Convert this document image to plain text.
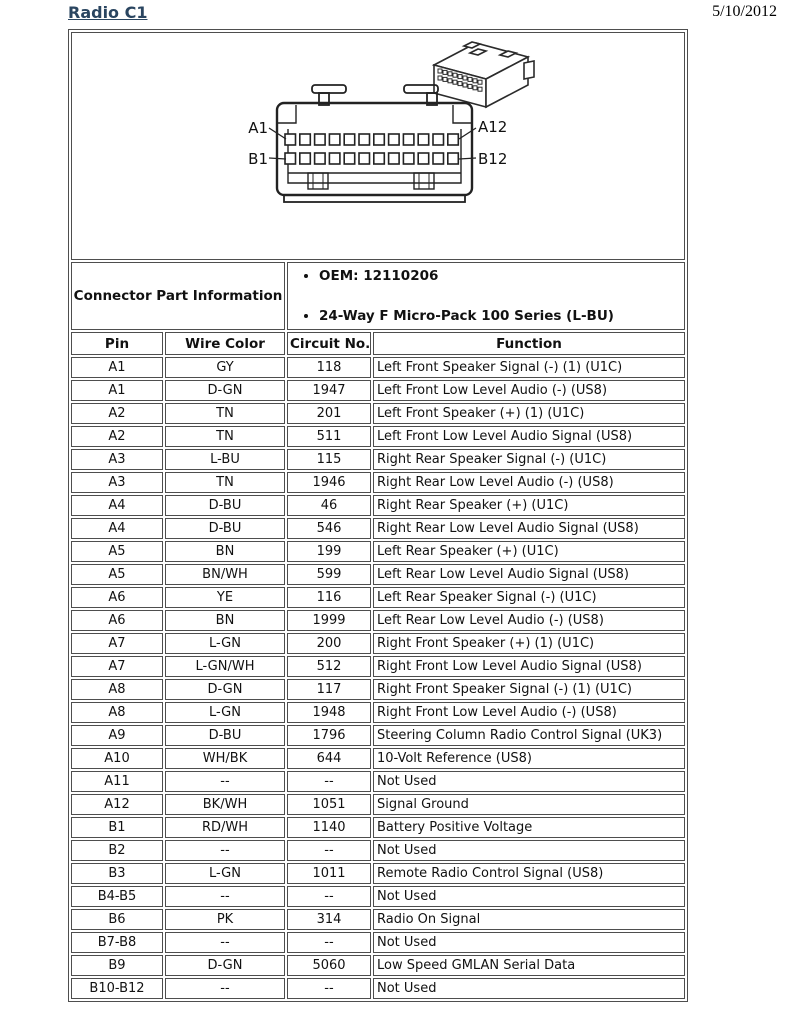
Radio C1	5/10/2012
A1
B1
A12
B12			

Connector Part Information	
• OEM: 12110206
• 24-Way F Micro-Pack 100 Series (L-BU)

Pin	Wire Color	Circuit No.	Function
A1	GY	118	Left Front Speaker Signal (-) (1) (U1C)
A1	D-GN	1947	Left Front Low Level Audio (-) (US8)
A2	TN	201	Left Front Speaker (+) (1) (U1C)
A2	TN	511	Left Front Low Level Audio Signal (US8)
A3	L-BU	115	Right Rear Speaker Signal (-) (U1C)
A3	TN	1946	Right Rear Low Level Audio (-) (US8)
A4	D-BU	46	Right Rear Speaker (+) (U1C)
A4	D-BU	546	Right Rear Low Level Audio Signal (US8)
A5	BN	199	Left Rear Speaker (+) (U1C)
A5	BN/WH	599	Left Rear Low Level Audio Signal (US8)
A6	YE	116	Left Rear Speaker Signal (-) (U1C)
A6	BN	1999	Left Rear Low Level Audio (-) (US8)
A7	L-GN	200	Right Front Speaker (+) (1) (U1C)
A7	L-GN/WH	512	Right Front Low Level Audio Signal (US8)
A8	D-GN	117	Right Front Speaker Signal (-) (1) (U1C)
A8	L-GN	1948	Right Front Low Level Audio (-) (US8)
A9	D-BU	1796	Steering Column Radio Control Signal (UK3)
A10	WH/BK	644	10-Volt Reference (US8)
A11	--	--	Not Used
A12	BK/WH	1051	Signal Ground
B1	RD/WH	1140	Battery Positive Voltage
B2	--	--	Not Used
B3	L-GN	1011	Remote Radio Control Signal (US8)
B4-B5	--	--	Not Used
B6	PK	314	Radio On Signal
B7-B8	--	--	Not Used
B9	D-GN	5060	Low Speed GMLAN Serial Data
B10-B12	--	--	Not Used
